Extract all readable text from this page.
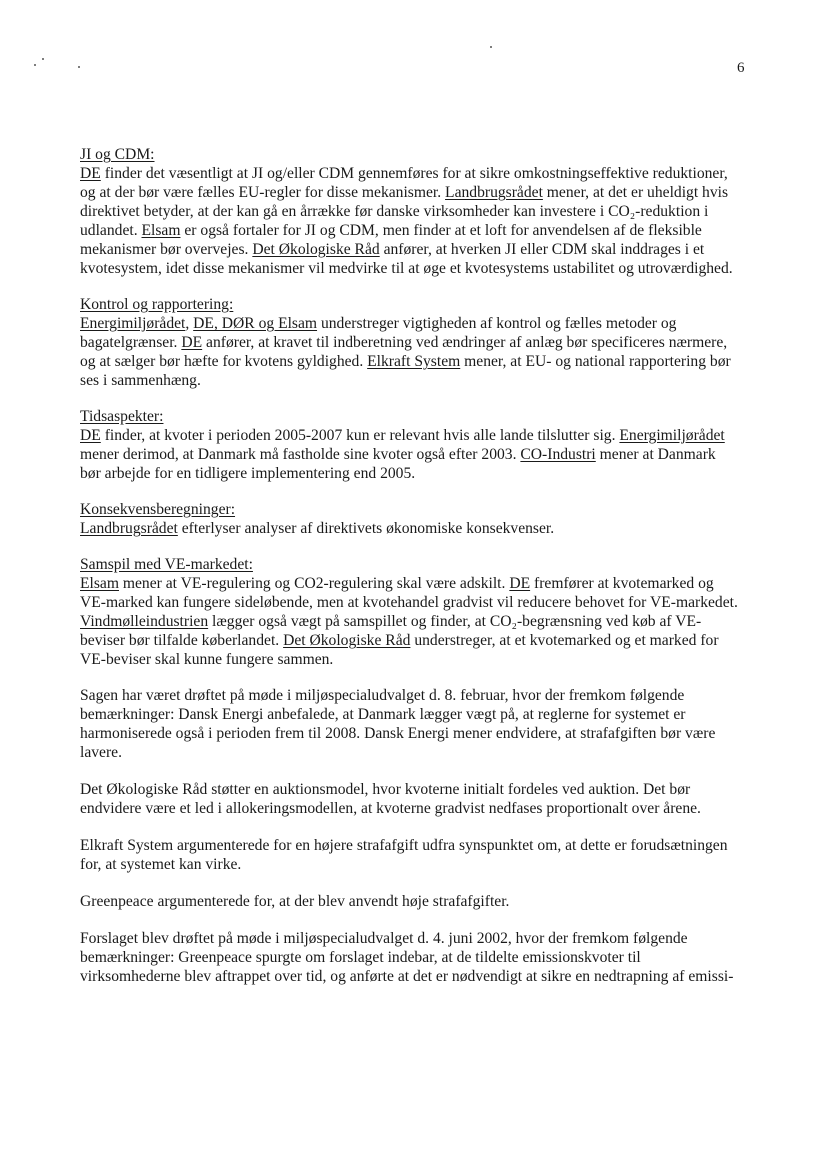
6

JI og CDM:

DE finder det væsentligt at JI og/eller CDM gennemføres for at sikre omkostningseffektive reduktioner, og at der bør være fælles EU-regler for disse mekanismer. Landbrugsrådet mener, at det er uheldigt hvis direktivet betyder, at der kan gå en årrække før danske virksomheder kan investere i CO₂-reduktion i udlandet. Elsam er også fortaler for JI og CDM, men finder at et loft for anvendelsen af de fleksible mekanismer bør overvejes. Det Økologiske Råd anfører, at hverken JI eller CDM skal inddrages i et kvotesystem, idet disse mekanismer vil medvirke til at øge et kvotesystems ustabilitet og utroværdighed.

Kontrol og rapportering:

Energimiljørådet, DE, DØR og Elsam understreger vigtigheden af kontrol og fælles metoder og bagatelgrænser. DE anfører, at kravet til indberetning ved ændringer af anlæg bør specificeres nærmere, og at sælger bør hæfte for kvotens gyldighed. Elkraft System mener, at EU- og national rapportering bør ses i sammenhæng.

Tidsaspekter:

DE finder, at kvoter i perioden 2005-2007 kun er relevant hvis alle lande tilslutter sig. Energimiljørådet mener derimod, at Danmark må fastholde sine kvoter også efter 2003. CO-Industri mener at Danmark bør arbejde for en tidligere implementering end 2005.

Konsekvensberegninger:

Landbrugsrådet efterlyser analyser af direktivets økonomiske konsekvenser.

Samspil med VE-markedet:

Elsam mener at VE-regulering og CO2-regulering skal være adskilt. DE fremfører at kvotemarked og VE-marked kan fungere sideløbende, men at kvotehandel gradvist vil reducere behovet for VE-markedet. Vindmølleindustrien lægger også vægt på samspillet og finder, at CO₂-begrænsning ved køb af VE-beviser bør tilfalde køberlandet. Det Økologiske Råd understreger, at et kvotemarked og et marked for VE-beviser skal kunne fungere sammen.

Sagen har været drøftet på møde i miljøspecialudvalget d. 8. februar, hvor der fremkom følgende bemærkninger: Dansk Energi anbefalede, at Danmark lægger vægt på, at reglerne for systemet er harmoniserede også i perioden frem til 2008. Dansk Energi mener endvidere, at strafafgiften bør være lavere.

Det Økologiske Råd støtter en auktionsmodel, hvor kvoterne initialt fordeles ved auktion. Det bør endvidere være et led i allokeringsmodellen, at kvoterne gradvist nedfases proportionalt over årene.

Elkraft System argumenterede for en højere strafafgift udfra synspunktet om, at dette er forudsætningen for, at systemet kan virke.

Greenpeace argumenterede for, at der blev anvendt høje strafafgifter.

Forslaget blev drøftet på møde i miljøspecialudvalget d. 4. juni 2002, hvor der fremkom følgende bemærkninger: Greenpeace spurgte om forslaget indebar, at de tildelte emissionskvoter til virksomhederne blev aftrappet over tid, og anførte at det er nødvendigt at sikre en nedtrapning af emissi-
